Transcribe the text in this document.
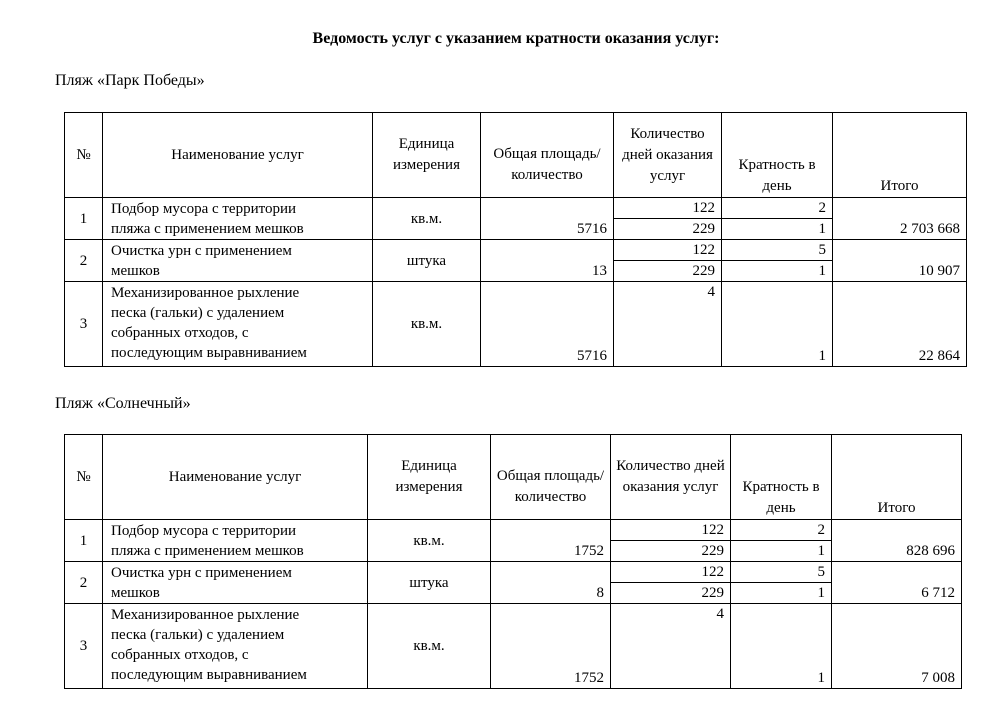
Ведомость услуг с указанием кратности оказания услуг:
Пляж «Парк Победы»
№	Наименование услуг	Единица измерения	Общая площадь/ количество	Количество дней оказания услуг	Кратность в день	Итого
1	Подбор мусора с территории
пляжа с применением мешков	кв.м.	5716	122	2	2 703 668
				229	1	
2	Очистка урн с применением
мешков	штука	13	122	5	10 907
				229	1	
3	Механизированное рыхление
песка (гальки) с удалением
собранных отходов, с
последующим выравниванием	кв.м.	5716	4	1	22 864
Пляж «Солнечный»
№	Наименование услуг	Единица измерения	Общая площадь/ количество	Количество дней оказания услуг	Кратность в день	Итого
1	Подбор мусора с территории
пляжа с применением мешков	кв.м.	1752	122	2	828 696
				229	1	
2	Очистка урн с применением
мешков	штука	8	122	5	6 712
				229	1	
3	Механизированное рыхление
песка (гальки) с удалением
собранных отходов, с
последующим выравниванием	кв.м.	1752	4	1	7 008
